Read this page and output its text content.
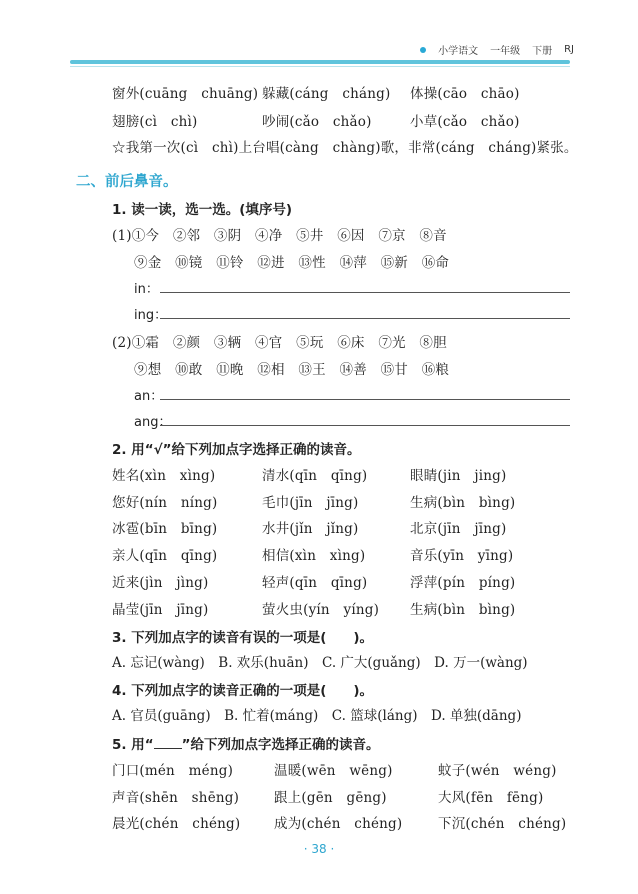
小学语文 一年级 下册 RJ
窗外(cuāng　chuāng) 躲藏(cáng　cháng) 体操(cāo　chāo)
翅膀(cì　chì)	吵闹(cǎo　chǎo)	小草(cǎo　chǎo)
☆我第一次(cì　chì)上台唱(càng　chàng)歌，非常(cáng　cháng)紧张。
二、前后鼻音。
1. 读一读，选一选。(填序号)
(1)①今　②邻　③阴　④净　⑤井　⑥因　⑦京　⑧音
⑨金　⑩镜　⑪铃　⑫进　⑬性　⑭萍　⑮新　⑯命
in：
ing：
(2)①霜　②颜　③辆　④官　⑤玩　⑥床　⑦光　⑧胆
⑨想　⑩敢　⑪晚　⑫相　⑬王　⑭善　⑮甘　⑯粮
an：
ang：
2. 用“√”给下列加点字选择正确的读音。
姓名(xìn　xìng)	清水(qīn　qīng)	眼睛(jin　jing)
您好(nín　níng)	毛巾(jīn　jīng)	生病(bìn　bìng)
冰雹(bīn　bīng)	水井(jǐn　jǐng)	北京(jīn　jīng)
亲人(qīn　qīng)	相信(xìn　xìng)	音乐(yīn　yīng)
近来(jìn　jìng)	轻声(qīn　qīng)	浮萍(pín　píng)
晶莹(jīn　jīng)	萤火虫(yín　yíng) 生病(bìn　bìng)
3. 下列加点字的读音有误的一项是(　　)。
A. 忘记(wàng)　B. 欢乐(huān)　C. 广大(guǎng)　D. 万一(wàng)
4. 下列加点字的读音正确的一项是(　　)。
A. 官员(guāng)　B. 忙着(máng)　C. 篮球(láng)　D. 单独(dāng)
5. 用“ ”给下列加点字选择正确的读音。
门口(mén　méng)	温暖(wēn　wēng)	蚊子(wén　wéng)
声音(shēn　shēng)	跟上(gēn　gēng)	大风(fēn　fēng)
晨光(chén　chéng) 成为(chén　chéng)	下沉(chén　chéng)
· 38 ·
